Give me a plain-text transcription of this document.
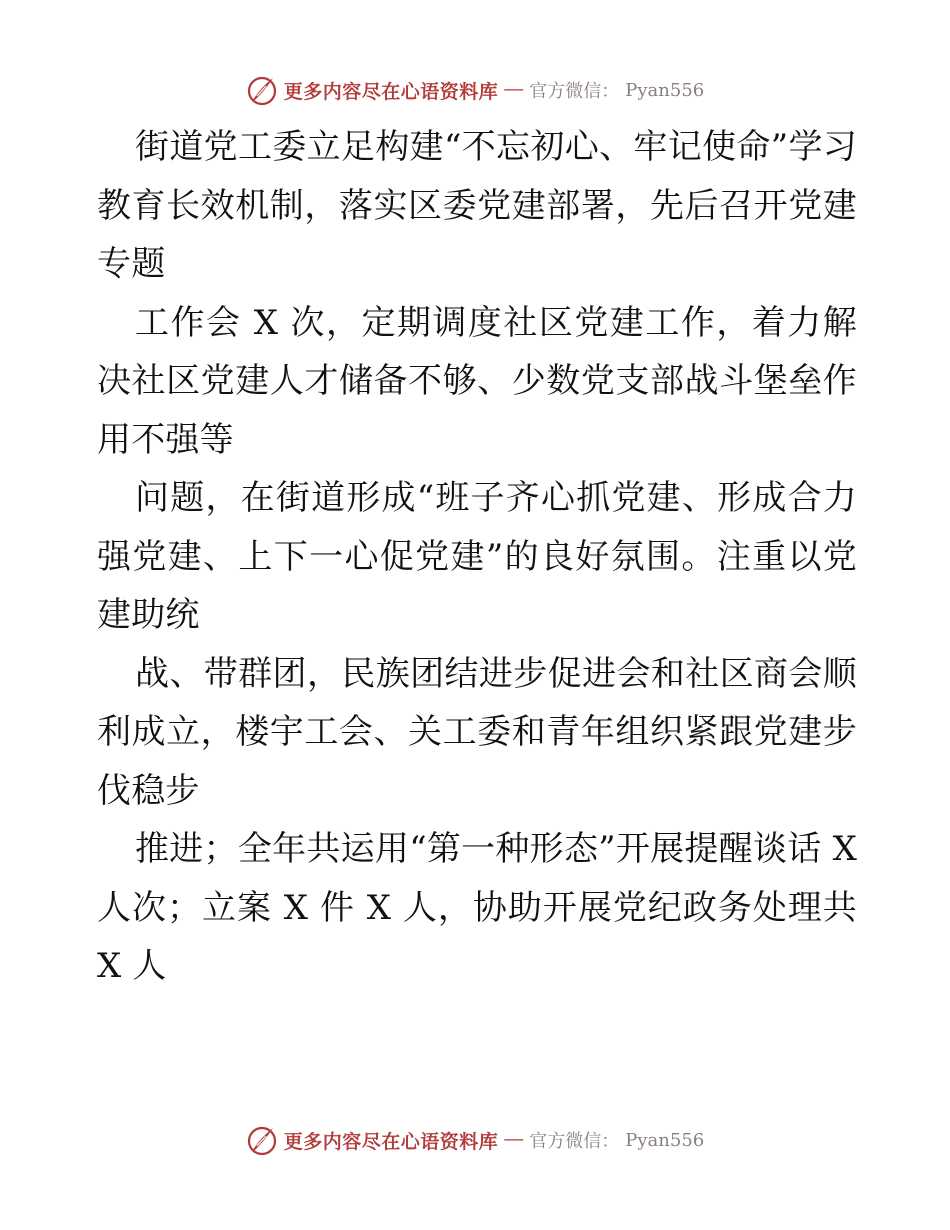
更多内容尽在心语资料库 — 官方微信： Pyan556

街道党工委立足构建“不忘初心、牢记使命”学习教育长效机制，落实区委党建部署，先后召开党建专题

工作会 X 次，定期调度社区党建工作，着力解决社区党建人才储备不够、少数党支部战斗堡垒作用不强等

问题，在街道形成“班子齐心抓党建、形成合力强党建、上下一心促党建”的良好氛围。注重以党建助统

战、带群团，民族团结进步促进会和社区商会顺利成立，楼宇工会、关工委和青年组织紧跟党建步伐稳步

推进；全年共运用“第一种形态”开展提醒谈话 X 人次；立案 X 件 X 人，协助开展党纪政务处理共 X 人

更多内容尽在心语资料库 — 官方微信： Pyan556
